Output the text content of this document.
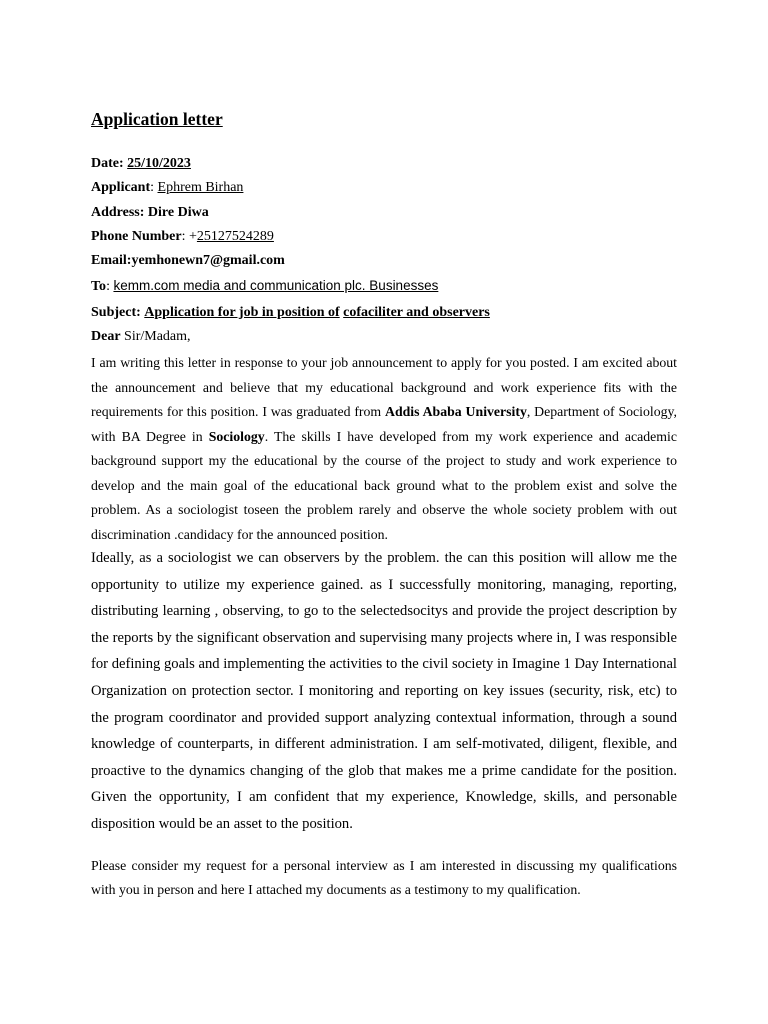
Application letter
Date: 25/10/2023
Applicant: Ephrem Birhan
Address: Dire Diwa
Phone Number: +25127524289
Email:yemhonewn7@gmail.com
To: kemm.com media and communication plc. Businesses
Subject: Application for job in position of cofaciliter and observers
Dear Sir/Madam,

I am writing this letter in response to your job announcement to apply for you posted. I am excited about the announcement and believe that my educational background and work experience fits with the requirements for this position. I was graduated from Addis Ababa University, Department of Sociology, with BA Degree in Sociology. The skills I have developed from my work experience and academic background support my the educational by the course of the project to study and work experience to develop and the main goal of the educational back ground what to the problem exist and solve the problem. As a sociologist toseen the problem rarely and observe the whole society problem with out discrimination .candidacy for the announced position.

Ideally, as a sociologist we can observers by the problem. the can this position will allow me the opportunity to utilize my experience gained. as I successfully monitoring, managing, reporting, distributing learning , observing, to go to the selectedsocitys and provide the project description by the reports by the significant observation and supervising many projects where in, I was responsible for defining goals and implementing the activities to the civil society in Imagine 1 Day International Organization on protection sector. I monitoring and reporting on key issues (security, risk, etc) to the program coordinator and provided support analyzing contextual information, through a sound knowledge of counterparts, in different administration. I am self-motivated, diligent, flexible, and proactive to the dynamics changing of the glob that makes me a prime candidate for the position. Given the opportunity, I am confident that my experience, Knowledge, skills, and personable disposition would be an asset to the position.

Please consider my request for a personal interview as I am interested in discussing my qualifications with you in person and here I attached my documents as a testimony to my qualification.
